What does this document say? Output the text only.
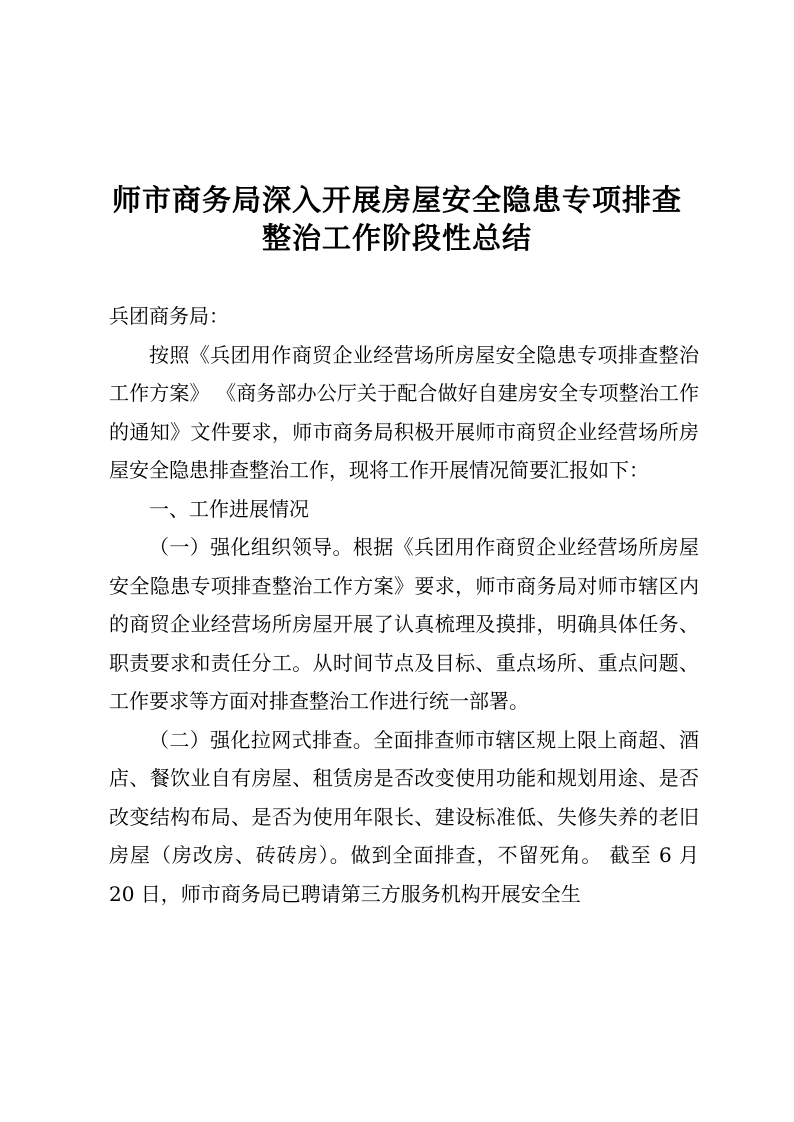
师市商务局深入开展房屋安全隐患专项排查
整治工作阶段性总结

兵团商务局：

按照《兵团用作商贸企业经营场所房屋安全隐患专项排查整治工作方案》 《商务部办公厅关于配合做好自建房安全专项整治工作的通知》文件要求，师市商务局积极开展师市商贸企业经营场所房屋安全隐患排查整治工作，现将工作开展情况简要汇报如下：

一、工作进展情况

（一）强化组织领导。根据《兵团用作商贸企业经营场所房屋安全隐患专项排查整治工作方案》要求，师市商务局对师市辖区内的商贸企业经营场所房屋开展了认真梳理及摸排，明确具体任务、职责要求和责任分工。从时间节点及目标、重点场所、重点问题、工作要求等方面对排查整治工作进行统一部署。

（二）强化拉网式排查。全面排查师市辖区规上限上商超、酒店、餐饮业自有房屋、租赁房是否改变使用功能和规划用途、是否改变结构布局、是否为使用年限长、建设标准低、失修失养的老旧房屋（房改房、砖砖房）。做到全面排查，不留死角。 截至 6 月 20 日，师市商务局已聘请第三方服务机构开展安全生
